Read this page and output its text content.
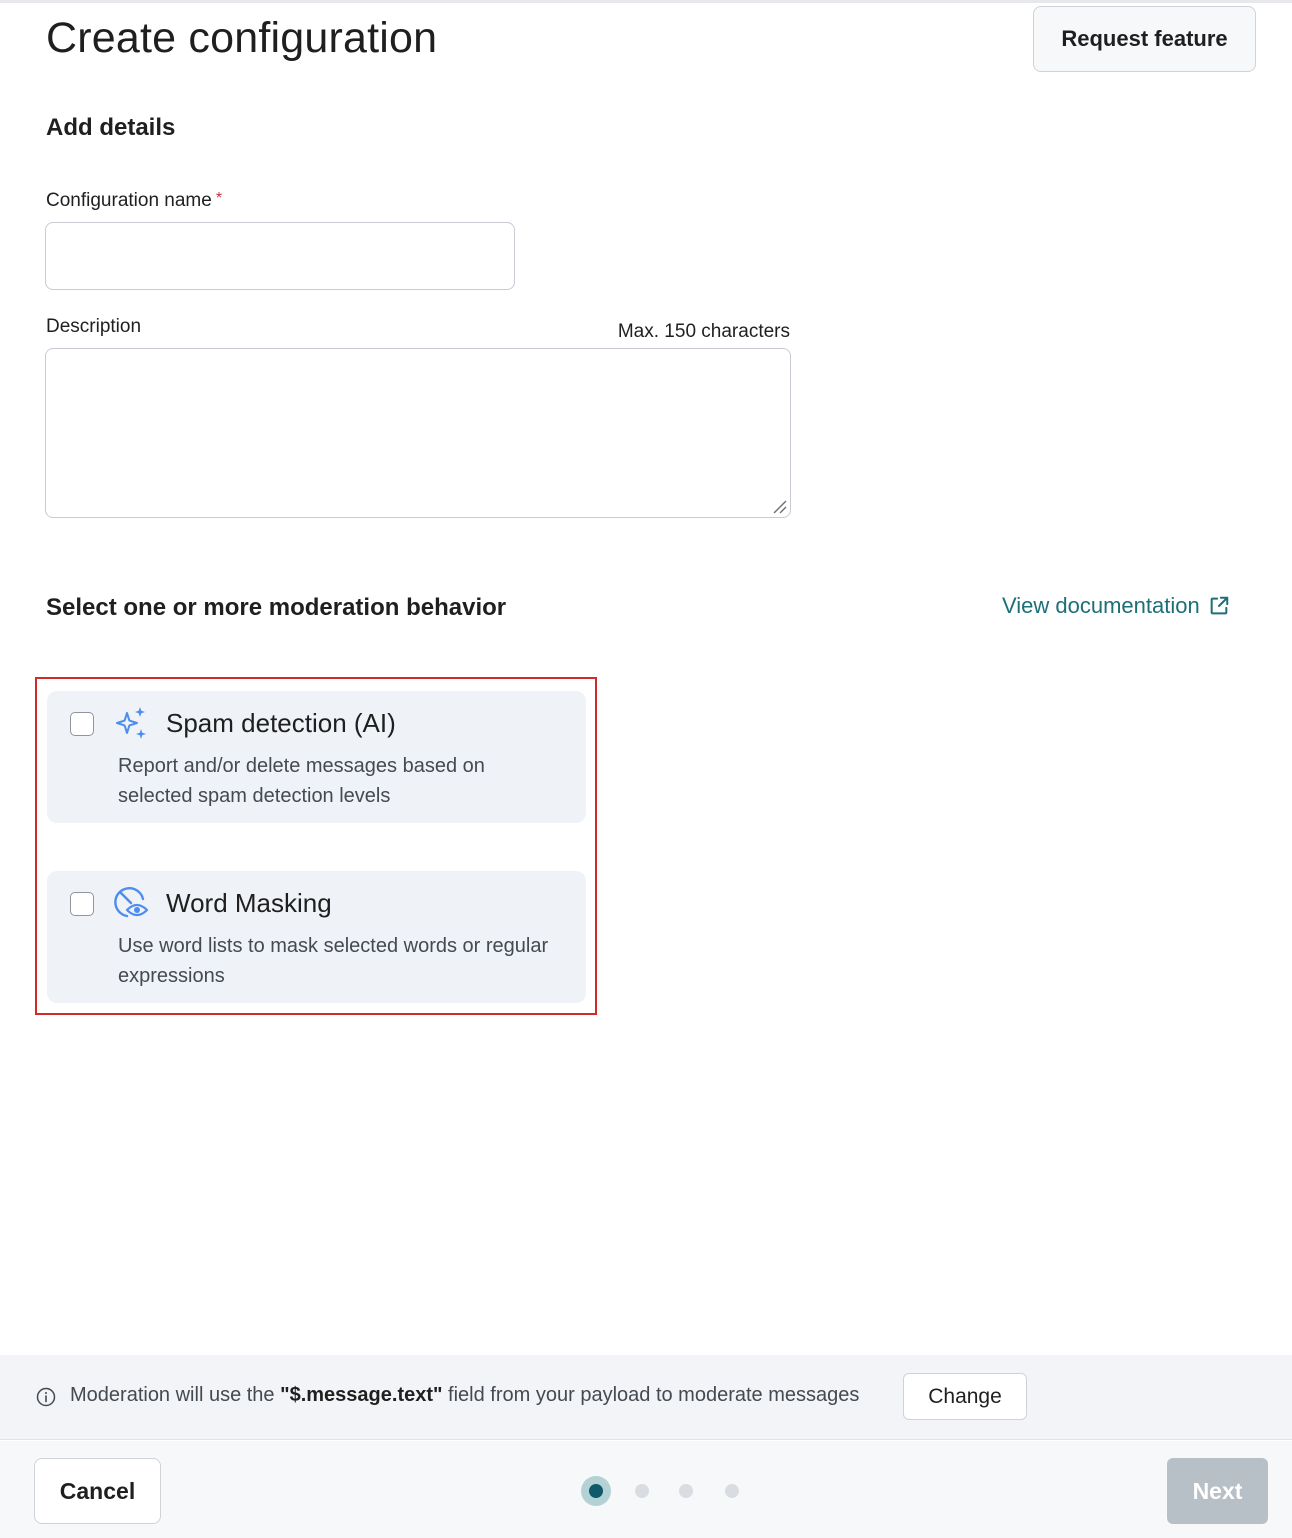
Create configuration	Request feature
Add details
Configuration name *
Description	Max. 150 characters
Select one or more moderation behavior	View documentation
Spam detection (AI)
Report and/or delete messages based on selected spam detection levels
Word Masking
Use word lists to mask selected words or regular expressions
Moderation will use the "$.message.text" field from your payload to moderate messages	Change
Cancel	Next
